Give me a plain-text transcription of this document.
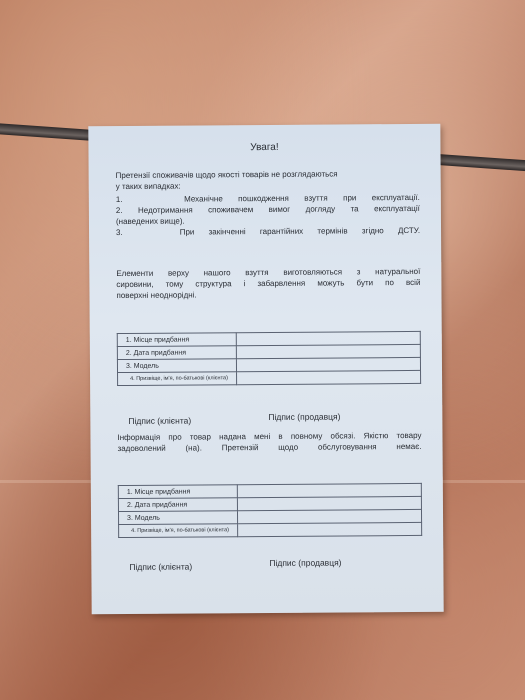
Увага!
Претензії споживачів щодо якості товарів не розглядаються
у таких випадках:
1.    Механічне пошкодження взуття при експлуатації.
2. Недотримання споживачем вимог догляду та експлуатації
(наведених вище).
3.    При закінченні гарантійних термінів згідно ДСТУ.
Елементи верху нашого взуття виготовляються з натуральної
сировини, тому структура і забарвлення можуть бути по всій
поверхні неоднорідні.
1. Місце придбання	
2. Дата придбання	
3. Модель	
4. Призвіще, ім'я, по-батькові (клієнта)	
Підпис (клієнта)	Підпис (продавця)
Інформація про товар надана мені в повному обсязі. Якістю товару
задоволений (на). Претензій щодо обслуговування немає.
1. Місце придбання	
2. Дата придбання	
3. Модель	
4. Призвіще, ім'я, по-батькові (клієнта)	
Підпис (клієнта)	Підпис (продавця)
